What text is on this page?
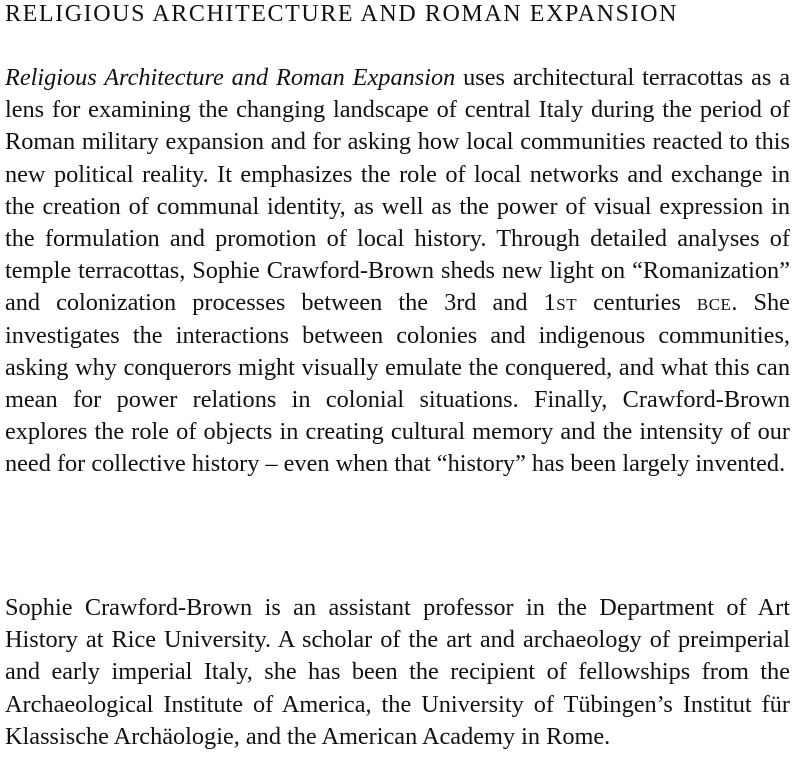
RELIGIOUS ARCHITECTURE AND ROMAN EXPANSION

Religious Architecture and Roman Expansion uses architectural terracottas as a lens for examining the changing landscape of central Italy during the period of Roman military expansion and for asking how local communities reacted to this new political reality. It emphasizes the role of local networks and exchange in the creation of communal identity, as well as the power of visual expression in the formulation and promotion of local history. Through detailed analyses of temple terracottas, Sophie Crawford-Brown sheds new light on “Romanization” and colonization processes between the 3rd and 1st centuries bce. She investigates the interactions between colonies and indigenous communities, asking why conquerors might visually emulate the conquered, and what this can mean for power relations in colonial situations. Finally, Crawford-Brown explores the role of objects in creating cultural memory and the intensity of our need for collective history – even when that “history” has been largely invented.

Sophie Crawford-Brown is an assistant professor in the Department of Art History at Rice University. A scholar of the art and archaeology of preimperial and early imperial Italy, she has been the recipient of fellowships from the Archaeological Institute of America, the University of Tübingen’s Institut für Klassische Archäologie, and the American Academy in Rome.
